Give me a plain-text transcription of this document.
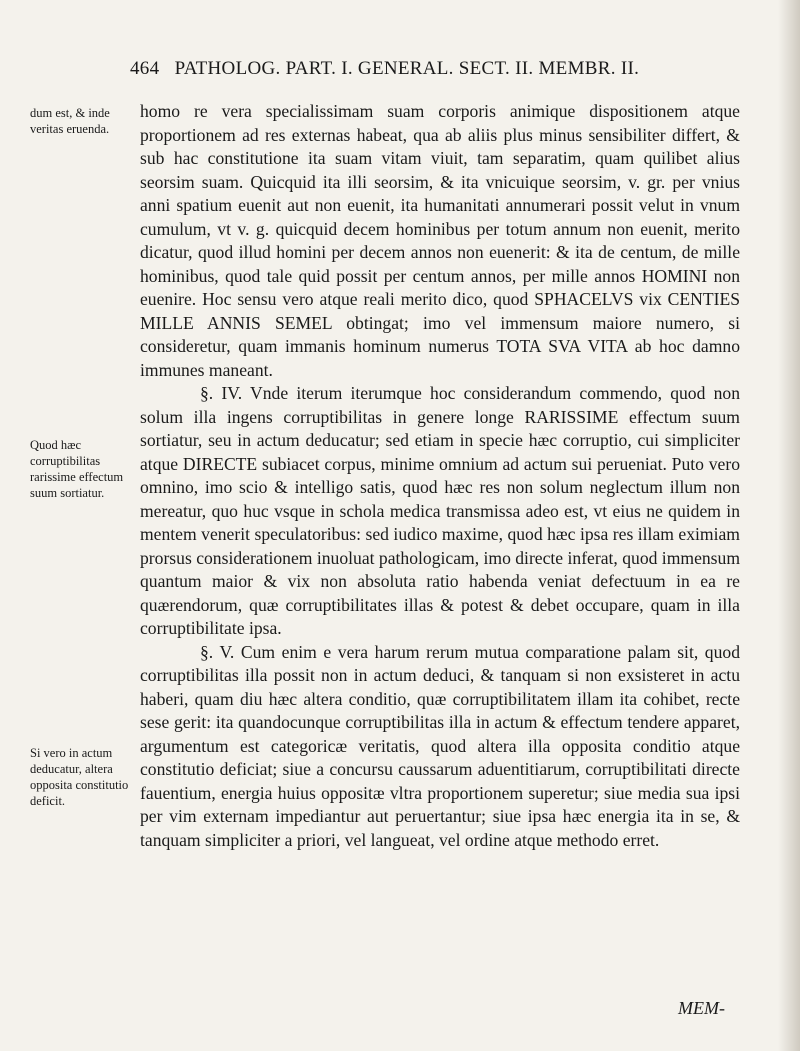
464 PATHOLOG. PART. I. GENERAL. SECT. II. MEMBR. II.
dum est, & inde veritas eruenda.
Quod hæc corruptibilitas rarissime effectum suum sortiatur.
Si vero in actum deducatur, altera opposita constitutio deficit.

homo re vera specialissimam suam corporis animique dispositionem atque proportionem ad res externas habeat, qua ab aliis plus minus sensibiliter differt, & sub hac constitutione ita suam vitam viuit, tam separatim, quam quilibet alius seorsim suam. Quicquid ita illi seorsim, & ita vnicuique seorsim, v. gr. per vnius anni spatium euenit aut non euenit, ita humanitati annumerari possit velut in vnum cumulum, vt v. g. quicquid decem hominibus per totum annum non euenit, merito dicatur, quod illud homini per decem annos non euenerit: & ita de centum, de mille hominibus, quod tale quid possit per centum annos, per mille annos HOMINI non euenire. Hoc sensu vero atque reali merito dico, quod SPHACELVS vix CENTIES MILLE ANNIS SEMEL obtingat; imo vel immensum maiore numero, si consideretur, quam immanis hominum numerus TOTA SVA VITA ab hoc damno immunes maneant.

§. IV. Vnde iterum iterumque hoc considerandum commendo, quod non solum illa ingens corruptibilitas in genere longe RARISSIME effectum suum sortiatur, seu in actum deducatur; sed etiam in specie hæc corruptio, cui simpliciter atque DIRECTE subiacet corpus, minime omnium ad actum sui perueniat. Puto vero omnino, imo scio & intelligo satis, quod hæc res non solum neglectum illum non mereatur, quo huc vsque in schola medica transmissa adeo est, vt eius ne quidem in mentem venerit speculatoribus: sed iudico maxime, quod hæc ipsa res illam eximiam prorsus considerationem inuoluat pathologicam, imo directe inferat, quod immensum quantum maior & vix non absoluta ratio habenda veniat defectuum in ea re quærendorum, quæ corruptibilitates illas & potest & debet occupare, quam in illa corruptibilitate ipsa.

§. V. Cum enim e vera harum rerum mutua comparatione palam sit, quod corruptibilitas illa possit non in actum deduci, & tanquam si non exsisteret in actu haberi, quam diu hæc altera conditio, quæ corruptibilitatem illam ita cohibet, recte sese gerit: ita quandocunque corruptibilitas illa in actum & effectum tendere apparet, argumentum est categoricæ veritatis, quod altera illa opposita conditio atque constitutio deficiat; siue a concursu caussarum aduentitiarum, corruptibilitati directe fauentium, energia huius oppositæ vltra proportionem superetur; siue media sua ipsi per vim externam impediantur aut peruertantur; siue ipsa hæc energia ita in se, & tanquam simpliciter a priori, vel langueat, vel ordine atque methodo erret.

MEM-
